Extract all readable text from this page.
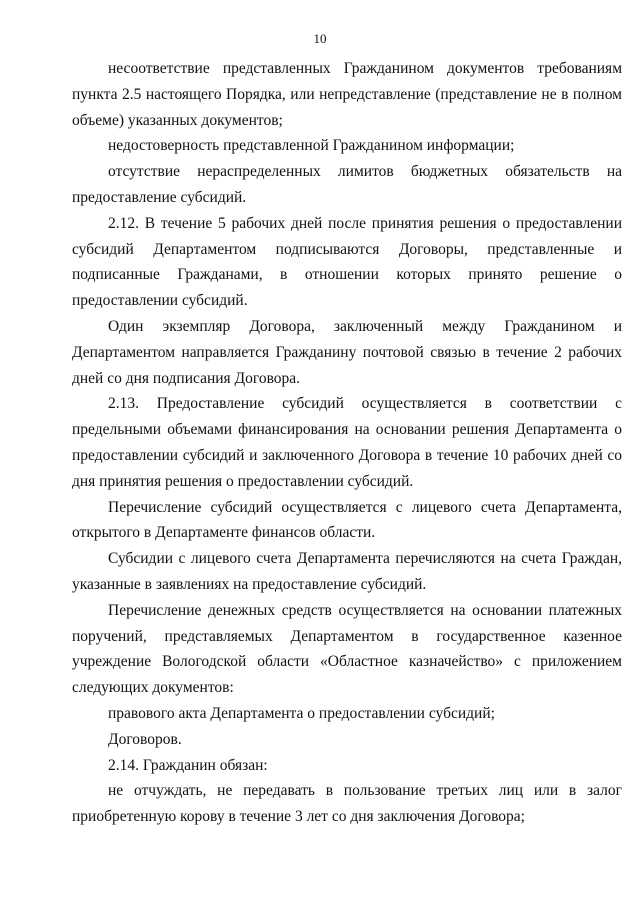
10

несоответствие представленных Гражданином документов требованиям пункта 2.5 настоящего Порядка, или непредставление (представление не в полном объеме) указанных документов;

недостоверность представленной Гражданином информации;

отсутствие нераспределенных лимитов бюджетных обязательств на предоставление субсидий.

2.12. В течение 5 рабочих дней после принятия решения о предоставлении субсидий Департаментом подписываются Договоры, представленные и подписанные Гражданами, в отношении которых принято решение о предоставлении субсидий.

Один экземпляр Договора, заключенный между Гражданином и Департаментом направляется Гражданину почтовой связью в течение 2 рабочих дней со дня подписания Договора.

2.13. Предоставление субсидий осуществляется в соответствии с предельными объемами финансирования на основании решения Департамента о предоставлении субсидий и заключенного Договора в течение 10 рабочих дней со дня принятия решения о предоставлении субсидий.

Перечисление субсидий осуществляется с лицевого счета Департамента, открытого в Департаменте финансов области.

Субсидии с лицевого счета Департамента перечисляются на счета Граждан, указанные в заявлениях на предоставление субсидий.

Перечисление денежных средств осуществляется на основании платежных поручений, представляемых Департаментом в государственное казенное учреждение Вологодской области «Областное казначейство» с приложением следующих документов:

правового акта Департамента о предоставлении субсидий;

Договоров.

2.14. Гражданин обязан:

не отчуждать, не передавать в пользование третьих лиц или в залог приобретенную корову в течение 3 лет со дня заключения Договора;
